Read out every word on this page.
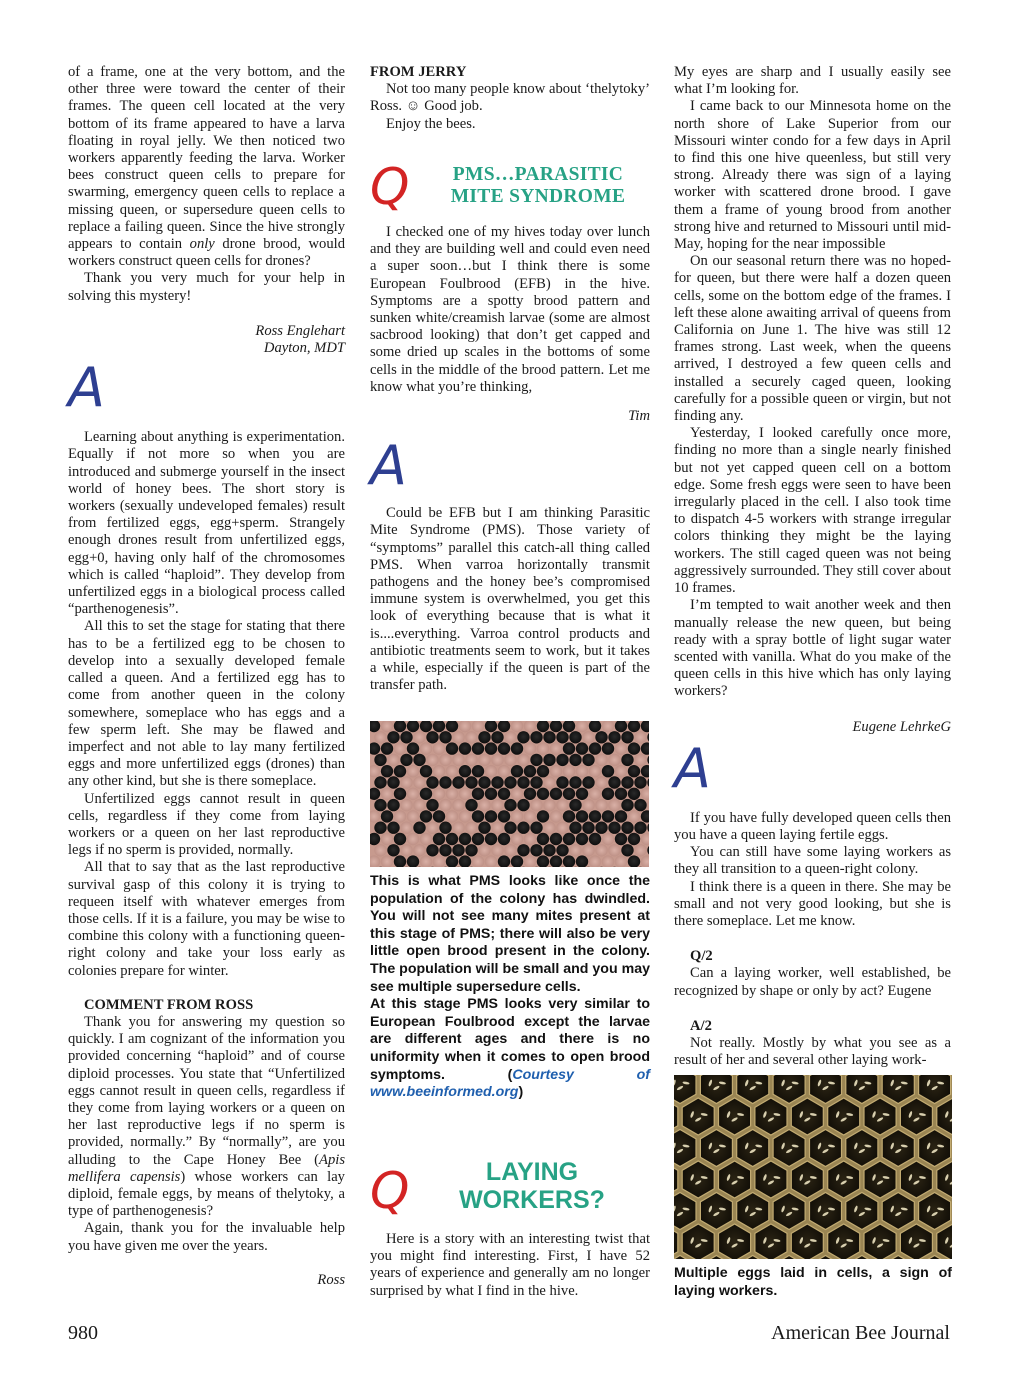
of a frame, one at the very bottom, and the other three were toward the center of their frames. The queen cell located at the very bottom of its frame appeared to have a larva floating in royal jelly. We then noticed two workers apparently feeding the larva. Worker bees construct queen cells to prepare for swarming, emergency queen cells to replace a missing queen, or supersedure queen cells to replace a failing queen. Since the hive strongly appears to contain only drone brood, would workers construct queen cells for drones?

Thank you very much for your help in solving this mystery!

Ross Englehart

Dayton, MDT

A

Learning about anything is experimentation. Equally if not more so when you are introduced and submerge yourself in the insect world of honey bees. The short story is workers (sexually undeveloped females) result from fertilized eggs, egg+sperm. Strangely enough drones result from unfertilized eggs, egg+0, having only half of the chromosomes which is called “haploid”. They develop from unfertilized eggs in a biological process called “parthenogenesis”.

All this to set the stage for stating that there has to be a fertilized egg to be chosen to develop into a sexually developed female called a queen. And a fertilized egg has to come from another queen in the colony somewhere, someplace who has eggs and a few sperm left. She may be flawed and imperfect and not able to lay many fertilized eggs and more unfertilized eggs (drones) than any other kind, but she is there someplace.

Unfertilized eggs cannot result in queen cells, regardless if they come from laying workers or a queen on her last reproductive legs if no sperm is provided, normally.

All that to say that as the last reproductive survival gasp of this colony it is trying to requeen itself with whatever emerges from those cells. If it is a failure, you may be wise to combine this colony with a functioning queen-right colony and take your loss early as colonies prepare for winter.

COMMENT FROM ROSS

Thank you for answering my question so quickly. I am cognizant of the information you provided concerning “haploid” and of course diploid processes. You state that “Unfertilized eggs cannot result in queen cells, regardless if they come from laying workers or a queen on her last reproductive legs if no sperm is provided, normally.” By “normally”, are you alluding to the Cape Honey Bee (Apis mellifera capensis) whose workers can lay diploid, female eggs, by means of thelytoky, a type of parthenogenesis?

Again, thank you for the invaluable help you have given me over the years.

Ross

FROM JERRY

Not too many people know about ‘thelytoky’ Ross. ☺ Good job.

Enjoy the bees.

Q	PMS…PARASITIC
MITE SYNDROME

I checked one of my hives today over lunch and they are building well and could even need a super soon…but I think there is some European Foulbrood (EFB) in the hive. Symptoms are a spotty brood pattern and sunken white/creamish larvae (some are almost sacbrood looking) that don’t get capped and some dried up scales in the bottoms of some cells in the middle of the brood pattern. Let me know what you’re thinking,

Tim

A

Could be EFB but I am thinking Parasitic Mite Syndrome (PMS). Those variety of “symptoms” parallel this catch-all thing called PMS. When varroa horizontally transmit pathogens and the honey bee’s compromised immune system is overwhelmed, you get this look of everything because that is what it is....everything. Varroa control products and antibiotic treatments seem to work, but it takes a while, especially if the queen is part of the transfer path.

This is what PMS looks like once the population of the colony has dwindled. You will not see many mites present at this stage of PMS; there will also be very little open brood present in the colony. The population will be small and you may see multiple supersedure cells.

At this stage PMS looks very similar to European Foulbrood except the larvae are different ages and there is no uniformity when it comes to open brood symptoms. (Courtesy of www.beeinformed.org)

Q	LAYING
WORKERS?

Here is a story with an interesting twist that you might find interesting. First, I have 52 years of experience and generally am no longer surprised by what I find in the hive.

My eyes are sharp and I usually easily see what I’m looking for.

I came back to our Minnesota home on the north shore of Lake Superior from our Missouri winter condo for a few days in April to find this one hive queenless, but still very strong. Already there was sign of a laying worker with scattered drone brood. I gave them a frame of young brood from another strong hive and returned to Missouri until mid-May, hoping for the near impossible

On our seasonal return there was no hoped-for queen, but there were half a dozen queen cells, some on the bottom edge of the frames. I left these alone awaiting arrival of queens from California on June 1. The hive was still 12 frames strong. Last week, when the queens arrived, I destroyed a few queen cells and installed a securely caged queen, looking carefully for a possible queen or virgin, but not finding any.

Yesterday, I looked carefully once more, finding no more than a single nearly finished but not yet capped queen cell on a bottom edge. Some fresh eggs were seen to have been irregularly placed in the cell. I also took time to dispatch 4-5 workers with strange irregular colors thinking they might be the laying workers. The still caged queen was not being aggressively surrounded. They still cover about 10 frames.

I’m tempted to wait another week and then manually release the new queen, but being ready with a spray bottle of light sugar water scented with vanilla. What do you make of the queen cells in this hive which has only laying workers?

Eugene LehrkeG

A

If you have fully developed queen cells then you have a queen laying fertile eggs.

You can still have some laying workers as they all transition to a queen-right colony.

I think there is a queen in there. She may be small and not very good looking, but she is there someplace. Let me know.

Q/2

Can a laying worker, well established, be recognized by shape or only by act? Eugene

A/2

Not really. Mostly by what you see as a result of her and several other laying work-

Multiple eggs laid in cells, a sign of laying workers.

980	American Bee Journal
